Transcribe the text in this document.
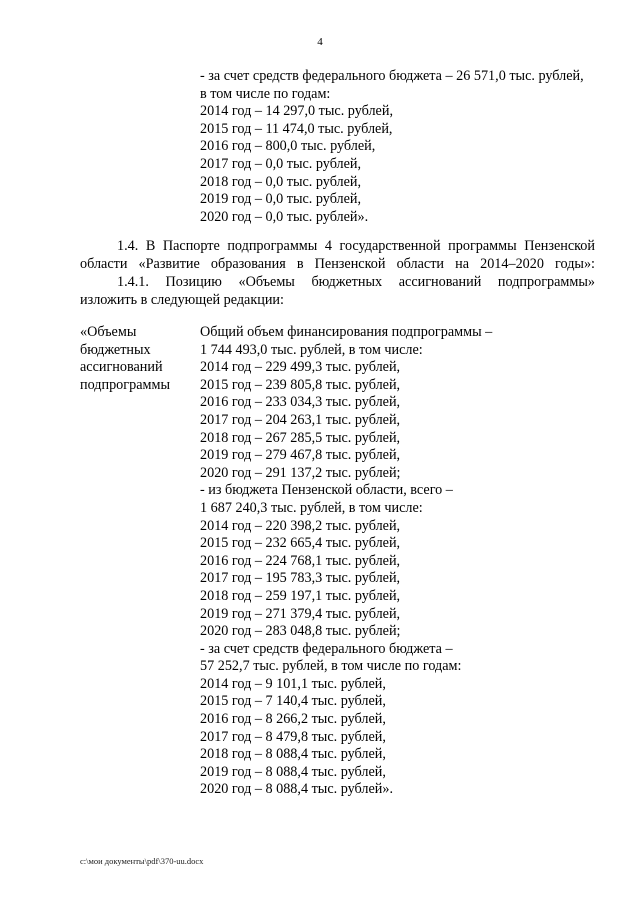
4
- за счет средств федерального бюджета – 26 571,0 тыс. рублей,
в том числе по годам:
2014 год – 14 297,0 тыс. рублей,
2015 год – 11 474,0 тыс. рублей,
2016 год – 800,0 тыс. рублей,
2017 год – 0,0 тыс. рублей,
2018 год – 0,0 тыс. рублей,
2019 год – 0,0 тыс. рублей,
2020 год – 0,0 тыс. рублей».
1.4. В Паспорте подпрограммы 4 государственной программы Пензенской
области «Развитие образования в Пензенской области на 2014–2020 годы»:
1.4.1. Позицию «Объемы бюджетных ассигнований подпрограммы»
изложить в следующей редакции:
«Объемы
бюджетных
ассигнований
подпрограммы
Общий объем финансирования подпрограммы –
1 744 493,0 тыс. рублей, в том числе:
2014 год – 229 499,3 тыс. рублей,
2015 год – 239 805,8 тыс. рублей,
2016 год – 233 034,3 тыс. рублей,
2017 год – 204 263,1 тыс. рублей,
2018 год – 267 285,5 тыс. рублей,
2019 год – 279 467,8 тыс. рублей,
2020 год – 291 137,2 тыс. рублей;
- из бюджета Пензенской области, всего –
1 687 240,3 тыс. рублей, в том числе:
2014 год – 220 398,2 тыс. рублей,
2015 год – 232 665,4 тыс. рублей,
2016 год – 224 768,1 тыс. рублей,
2017 год – 195 783,3 тыс. рублей,
2018 год – 259 197,1 тыс. рублей,
2019 год – 271 379,4 тыс. рублей,
2020 год – 283 048,8 тыс. рублей;
- за счет средств федерального бюджета –
57 252,7 тыс. рублей, в том числе по годам:
2014 год – 9 101,1 тыс. рублей,
2015 год – 7 140,4 тыс. рублей,
2016 год – 8 266,2 тыс. рублей,
2017 год – 8 479,8 тыс. рублей,
2018 год – 8 088,4 тыс. рублей,
2019 год – 8 088,4 тыс. рублей,
2020 год – 8 088,4 тыс. рублей».
с:\мои документы\pdf\370-uu.docx
